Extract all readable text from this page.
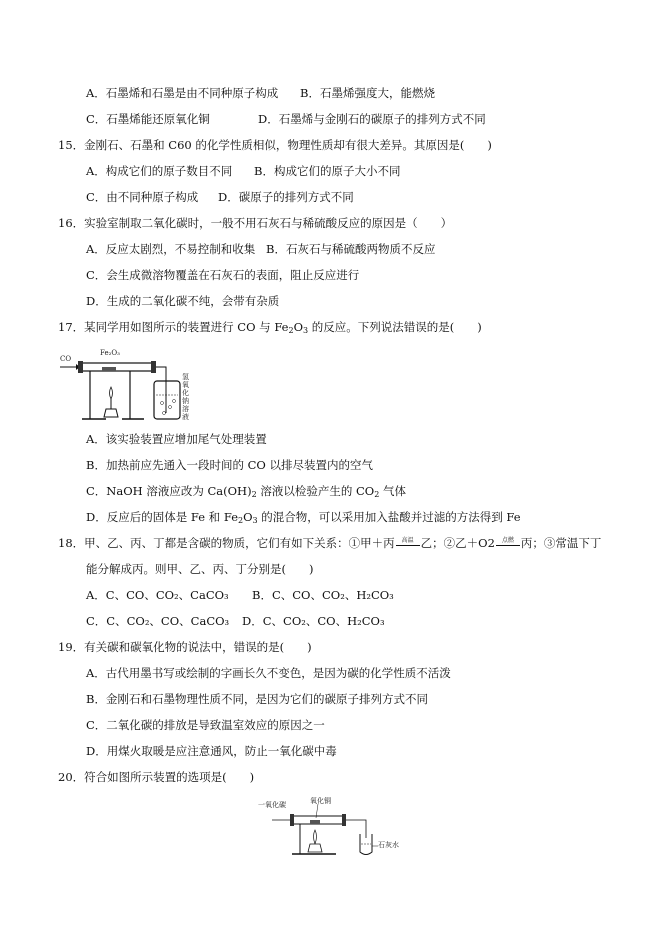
A．石墨烯和石墨是由不同种原子构成 B．石墨烯强度大，能燃烧
C．石墨烯能还原氧化铜	D．石墨烯与金刚石的碳原子的排列方式不同
15．金刚石、石墨和 C60 的化学性质相似，物理性质却有很大差异。其原因是(　　)
A．构成它们的原子数目不同 B．构成它们的原子大小不同
C．由不同种原子构成 D．碳原子的排列方式不同
16．实验室制取二氧化碳时，一般不用石灰石与稀硫酸反应的原因是（　　）
A．反应太剧烈，不易控制和收集 B．石灰石与稀硫酸两物质不反应
C．会生成微溶物覆盖在石灰石的表面，阻止反应进行
D．生成的二氧化碳不纯，会带有杂质
17．某同学用如图所示的装置进行 CO 与 $Fe_2O_3$ 的反应。下列说法错误的是(　　)
CO
Fe₂O₃
氢氧化钠溶液
A．该实验装置应增加尾气处理装置
B．加热前应先通入一段时间的 CO 以排尽装置内的空气
C．NaOH 溶液应改为 $Ca(OH)_2$ 溶液以检验产生的 $CO_2$ 气体
D．反应后的固体是 Fe 和 $Fe_2O_3$ 的混合物，可以采用加入盐酸并过滤的方法得到 Fe
18．甲、乙、丙、丁都是含碳的物质，它们有如下关系：①甲＋丙	高温 乙；②乙＋O2	点燃 丙；③常温下丁
能分解成丙。则甲、乙、丙、丁分别是(　　)
A．C、CO、CO₂、CaCO₃ B．C、CO、CO₂、H₂CO₃
C．C、CO₂、CO、CaCO₃ D．C、CO₂、CO、H₂CO₃
19．有关碳和碳氧化物的说法中，错误的是(　　)
A．古代用墨书写或绘制的字画长久不变色，是因为碳的化学性质不活泼
B．金刚石和石墨物理性质不同，是因为它们的碳原子排列方式不同
C．二氧化碳的排放是导致温室效应的原因之一
D．用煤火取暖是应注意通风，防止一氧化碳中毒
20．符合如图所示装置的选项是(　　)
一氧化碳	氧化铜
石灰水
